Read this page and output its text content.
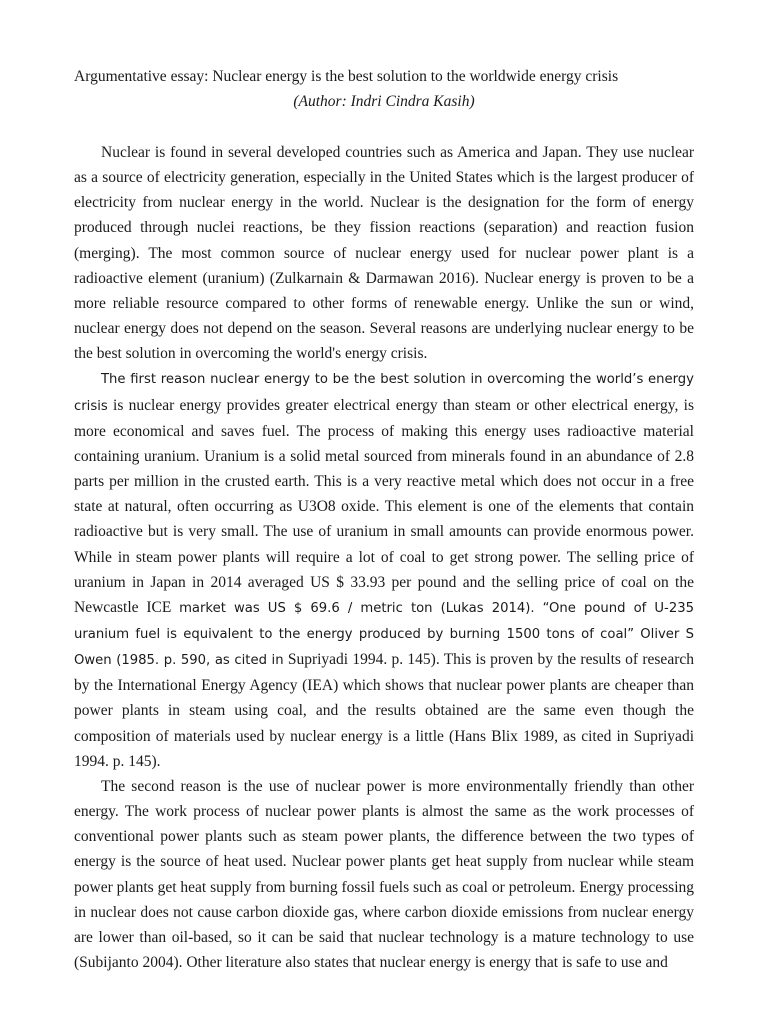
Argumentative essay: Nuclear energy is the best solution to the worldwide energy crisis
(Author: Indri Cindra Kasih)

Nuclear is found in several developed countries such as America and Japan. They use nuclear as a source of electricity generation, especially in the United States which is the largest producer of electricity from nuclear energy in the world. Nuclear is the designation for the form of energy produced through nuclei reactions, be they fission reactions (separation) and reaction fusion (merging). The most common source of nuclear energy used for nuclear power plant is a radioactive element (uranium) (Zulkarnain & Darmawan 2016). Nuclear energy is proven to be a more reliable resource compared to other forms of renewable energy. Unlike the sun or wind, nuclear energy does not depend on the season. Several reasons are underlying nuclear energy to be the best solution in overcoming the world's energy crisis.

The first reason nuclear energy to be the best solution in overcoming the world’s energy crisis is nuclear energy provides greater electrical energy than steam or other electrical energy, is more economical and saves fuel. The process of making this energy uses radioactive material containing uranium. Uranium is a solid metal sourced from minerals found in an abundance of 2.8 parts per million in the crusted earth. This is a very reactive metal which does not occur in a free state at natural, often occurring as U3O8 oxide. This element is one of the elements that contain radioactive but is very small. The use of uranium in small amounts can provide enormous power. While in steam power plants will require a lot of coal to get strong power. The selling price of uranium in Japan in 2014 averaged US $ 33.93 per pound and the selling price of coal on the Newcastle ICE market was US $ 69.6 / metric ton (Lukas 2014). “One pound of U-235 uranium fuel is equivalent to the energy produced by burning 1500 tons of coal” Oliver S Owen (1985. p. 590, as cited in Supriyadi 1994. p. 145). This is proven by the results of research by the International Energy Agency (IEA) which shows that nuclear power plants are cheaper than power plants in steam using coal, and the results obtained are the same even though the composition of materials used by nuclear energy is a little (Hans Blix 1989, as cited in Supriyadi 1994. p. 145).

The second reason is the use of nuclear power is more environmentally friendly than other energy. The work process of nuclear power plants is almost the same as the work processes of conventional power plants such as steam power plants, the difference between the two types of energy is the source of heat used. Nuclear power plants get heat supply from nuclear while steam power plants get heat supply from burning fossil fuels such as coal or petroleum. Energy processing in nuclear does not cause carbon dioxide gas, where carbon dioxide emissions from nuclear energy are lower than oil-based, so it can be said that nuclear technology is a mature technology to use (Subijanto 2004). Other literature also states that nuclear energy is energy that is safe to use and
